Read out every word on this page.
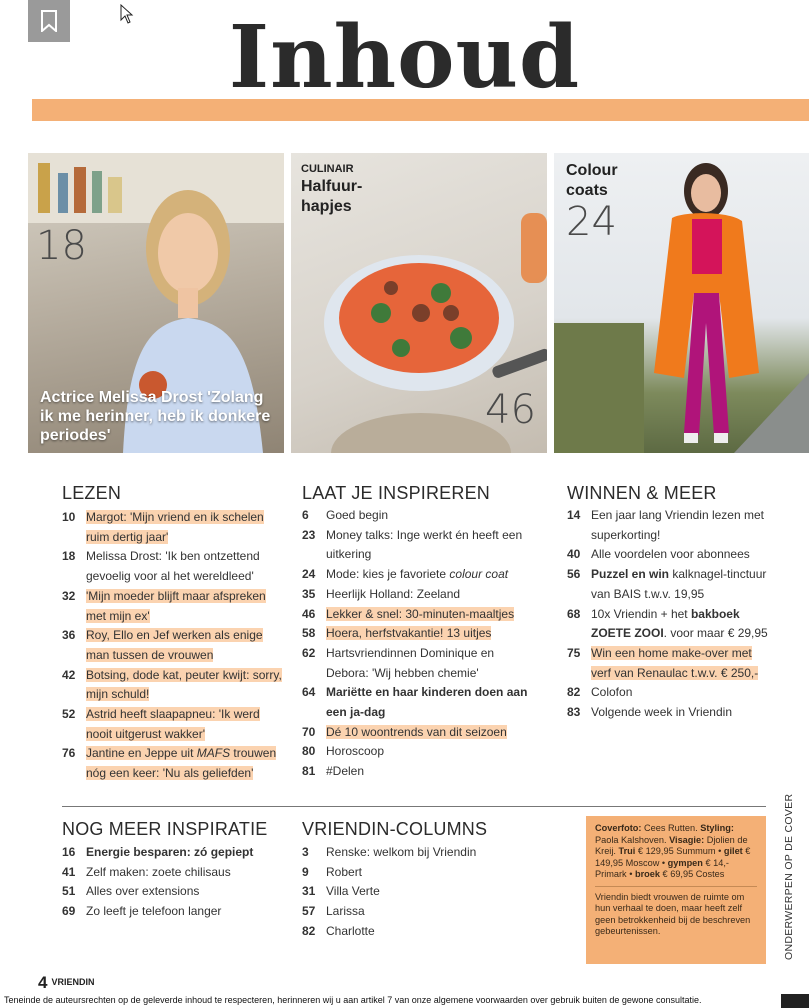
Inhoud
18
Actrice Melissa Drost 'Zolang ik me herinner, heb ik donkere periodes'
CULINAIR
Halfuur-hapjes
46
Colour coats
24
LEZEN	LAAT JE INSPIREREN	WINNEN & MEER
10 Margot: 'Mijn vriend en ik schelen ruim dertig jaar'
18 Melissa Drost: 'Ik ben ontzettend gevoelig voor al het wereldleed'
32 'Mijn moeder blijft maar afspreken met mijn ex'
36 Roy, Ello en Jef werken als enige man tussen de vrouwen
42 Botsing, dode kat, peuter kwijt: sorry, mijn schuld!
52 Astrid heeft slaapapneu: 'Ik werd nooit uitgerust wakker'
76 Jantine en Jeppe uit MAFS trouwen nóg een keer: 'Nu als geliefden'
6	Goed begin
23 Money talks: Inge werkt én heeft een uitkering
24 Mode: kies je favoriete colour coat
35 Heerlijk Holland: Zeeland
46 Lekker & snel: 30-minuten-maaltjes
58 Hoera, herfstvakantie! 13 uitjes
62 Hartsvriendinnen Dominique en Debora: 'Wij hebben chemie'
64 Mariëtte en haar kinderen doen aan een ja-dag
70 Dé 10 woontrends van dit seizoen
80 Horoscoop
81 #Delen
14 Een jaar lang Vriendin lezen met superkorting!
40 Alle voordelen voor abonnees
56 Puzzel en win kalknagel-tinctuur van BAIS t.w.v. 19,95
68 10x Vriendin + het bakboek ZOETE ZOOI. voor maar € 29,95
75 Win een home make-over met verf van Renaulac t.w.v. € 250,-
82 Colofon
83 Volgende week in Vriendin
NOG MEER INSPIRATIE VRIENDIN-COLUMNS
16 Energie besparen: zó gepiept
41 Zelf maken: zoete chilisaus
51 Alles over extensions
69 Zo leeft je telefoon langer
3	Renske: welkom bij Vriendin
9	Robert
31 Villa Verte
57 Larissa
82 Charlotte
Coverfoto: Cees Rutten. Styling: Paola Kalshoven. Visagie: Djolien de Kreij. Trui € 129,95 Summum • gilet € 149,95 Moscow • gympen € 14,- Primark • broek € 69,95 Costes
Vriendin biedt vrouwen de ruimte om hun verhaal te doen, maar heeft zelf geen betrokkenheid bij de beschreven gebeurtenissen.	ONDERWERPEN OP DE COVER
4 VRIENDIN
Teneinde de auteursrechten op de geleverde inhoud te respecteren, herinneren wij u aan artikel 7 van onze algemene voorwaarden over gebruik buiten de gewone consultatie.
